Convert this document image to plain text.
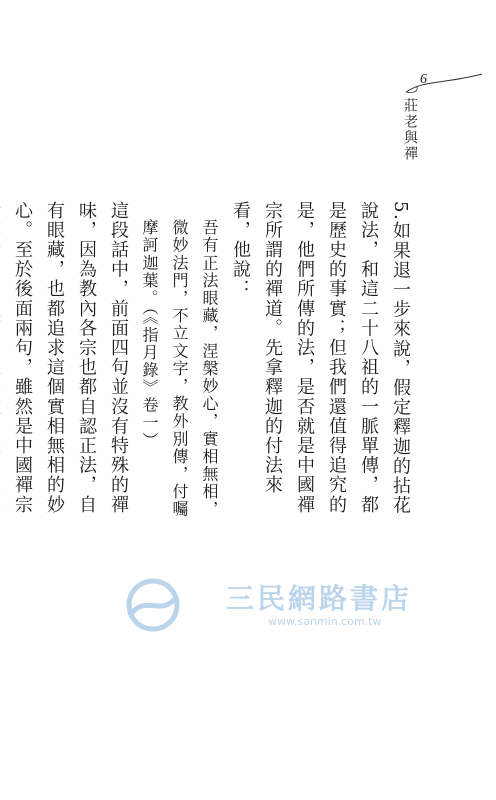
6
莊老與禪

5.如果退一步來說，假定釋迦的拈花說法，和這二十八祖的一脈單傳，都是歷史的事實；但我們還值得追究的是，他們所傳的法，是否就是中國禪宗所謂的禪道。先拿釋迦的付法來看，他說：

吾有正法眼藏，涅槃妙心，實相無相，微妙法門，不立文字，教外別傳，付囑摩訶迦葉。（《指月錄》卷一）

這段話中，前面四句並沒有特殊的禪味，因為教內各宗也都自認正法，自有眼藏，也都追求這個實相無相的妙心。至於後面兩句，雖然是中國禪宗

三民網路書店
www.sanmin.com.tw
